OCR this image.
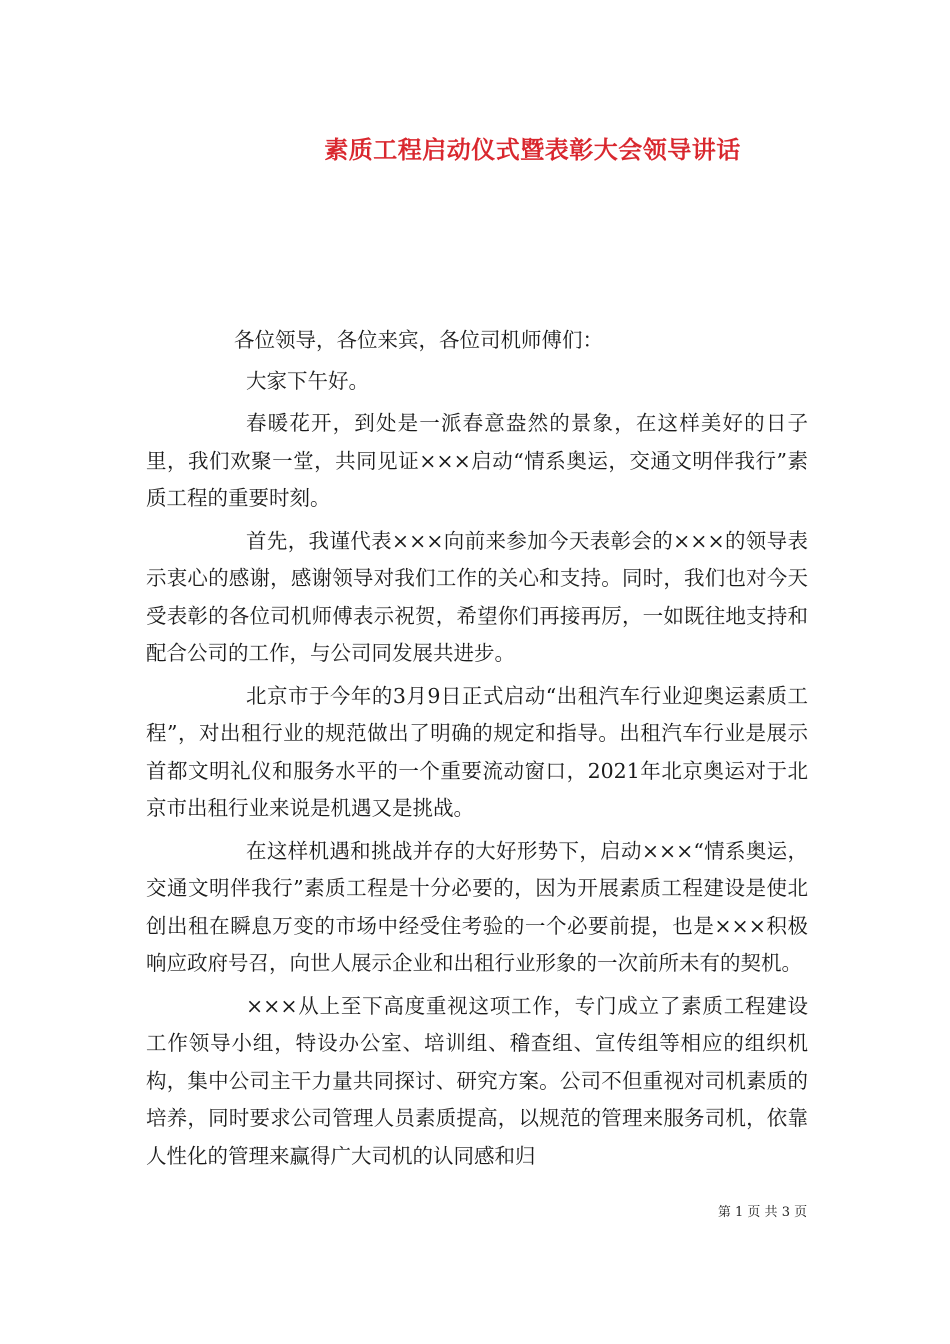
素质工程启动仪式暨表彰大会领导讲话

各位领导，各位来宾，各位司机师傅们：

大家下午好。

春暖花开，到处是一派春意盎然的景象，在这样美好的日子里，我们欢聚一堂，共同见证×××启动“情系奥运，交通文明伴我行”素质工程的重要时刻。

首先，我谨代表×××向前来参加今天表彰会的×××的领导表示衷心的感谢，感谢领导对我们工作的关心和支持。同时，我们也对今天受表彰的各位司机师傅表示祝贺，希望你们再接再厉，一如既往地支持和配合公司的工作，与公司同发展共进步。

北京市于今年的3月9日正式启动“出租汽车行业迎奥运素质工程”，对出租行业的规范做出了明确的规定和指导。出租汽车行业是展示首都文明礼仪和服务水平的一个重要流动窗口，2021年北京奥运对于北京市出租行业来说是机遇又是挑战。

在这样机遇和挑战并存的大好形势下，启动×××“情系奥运，交通文明伴我行”素质工程是十分必要的，因为开展素质工程建设是使北创出租在瞬息万变的市场中经受住考验的一个必要前提，也是×××积极响应政府号召，向世人展示企业和出租行业形象的一次前所未有的契机。

×××从上至下高度重视这项工作，专门成立了素质工程建设工作领导小组，特设办公室、培训组、稽查组、宣传组等相应的组织机构，集中公司主干力量共同探讨、研究方案。公司不但重视对司机素质的培养，同时要求公司管理人员素质提高，以规范的管理来服务司机，依靠人性化的管理来赢得广大司机的认同感和归

第 1 页 共 3 页
